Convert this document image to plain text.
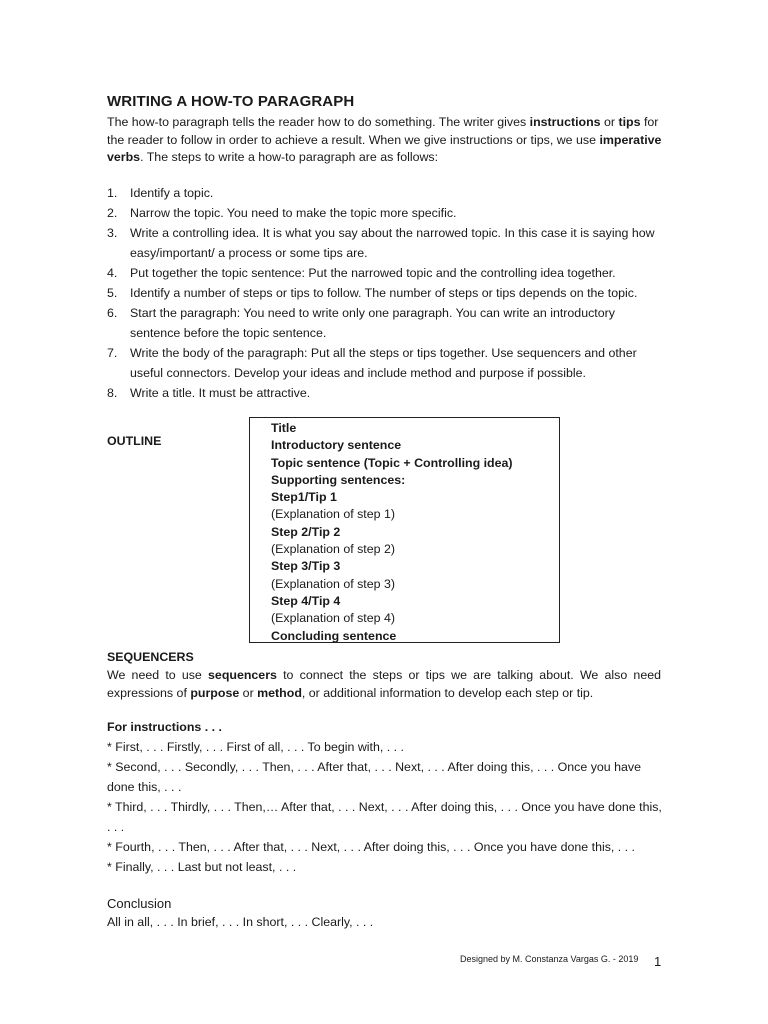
WRITING A HOW-TO PARAGRAPH
The how-to paragraph tells the reader how to do something. The writer gives instructions or tips for the reader to follow in order to achieve a result. When we give instructions or tips, we use imperative verbs. The steps to write a how-to paragraph are as follows:
1. Identify a topic.
2. Narrow the topic. You need to make the topic more specific.
3. Write a controlling idea. It is what you say about the narrowed topic. In this case it is saying how easy/important/ a process or some tips are.
4. Put together the topic sentence: Put the narrowed topic and the controlling idea together.
5. Identify a number of steps or tips to follow. The number of steps or tips depends on the topic.
6. Start the paragraph: You need to write only one paragraph. You can write an introductory sentence before the topic sentence.
7. Write the body of the paragraph: Put all the steps or tips together. Use sequencers and other useful connectors. Develop your ideas and include method and purpose if possible.
8. Write a title. It must be attractive.
OUTLINE
Title
Introductory sentence
Topic sentence (Topic + Controlling idea)
Supporting sentences:
Step1/Tip 1
(Explanation of step 1)
Step 2/Tip 2
(Explanation of step 2)
Step 3/Tip 3
(Explanation of step 3)
Step 4/Tip 4
(Explanation of step 4)
Concluding sentence
SEQUENCERS
We need to use sequencers to connect the steps or tips we are talking about. We also need expressions of purpose or method, or additional information to develop each step or tip.
For instructions . . .
* First, . . . Firstly, . . . First of all, . . . To begin with, . . .
* Second, . . . Secondly, . . . Then, . . . After that, . . . Next, . . . After doing this, . . . Once you have done this, . . .
* Third, . . . Thirdly, . . . Then,… After that, . . . Next, . . . After doing this, . . . Once you have done this, . . .
* Fourth, . . . Then, . . . After that, . . . Next, . . . After doing this, . . . Once you have done this, . . .
* Finally, . . . Last but not least, . . .
Conclusion
All in all, . . . In brief, . . . In short, . . . Clearly, . . .
Designed by M. Constanza Vargas G. - 2019 1
